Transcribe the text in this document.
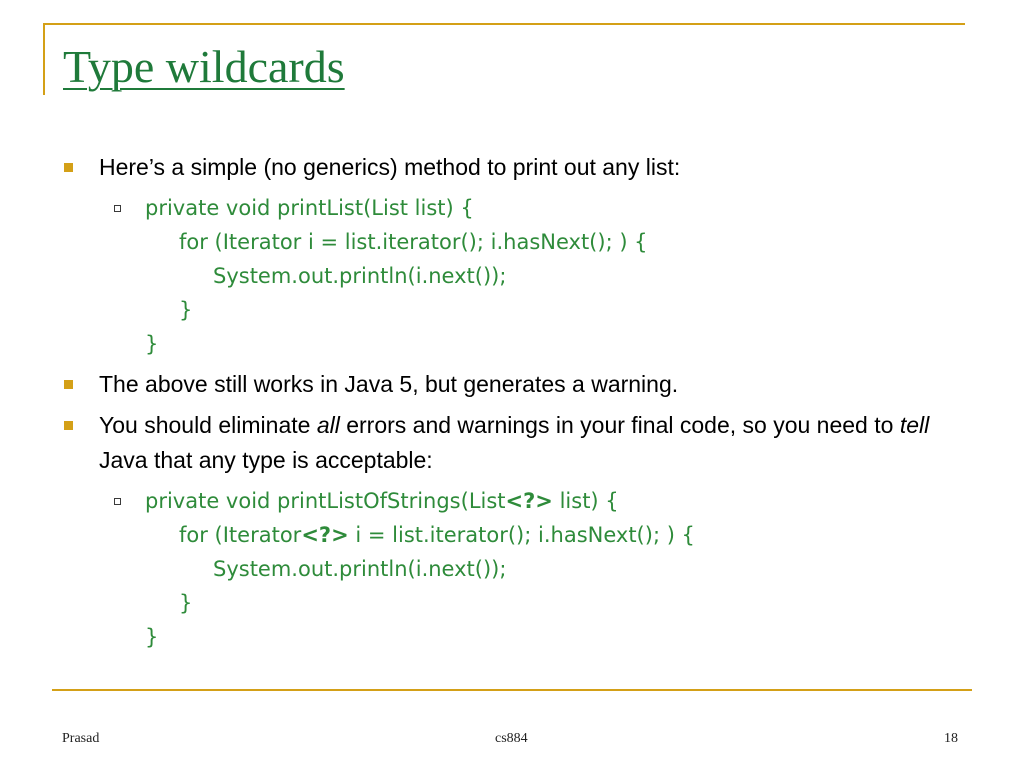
Type wildcards
Here’s a simple (no generics) method to print out any list:
private void printList(List list) {
for (Iterator i = list.iterator(); i.hasNext(); ) {
System.out.println(i.next());
}
}
The above still works in Java 5, but generates a warning.
You should eliminate all errors and warnings in your final code, so you need to tell Java that any type is acceptable:
private void printListOfStrings(List<?> list) {
for (Iterator<?> i = list.iterator(); i.hasNext(); ) {
System.out.println(i.next());
}
}
Prasad	cs884	18
